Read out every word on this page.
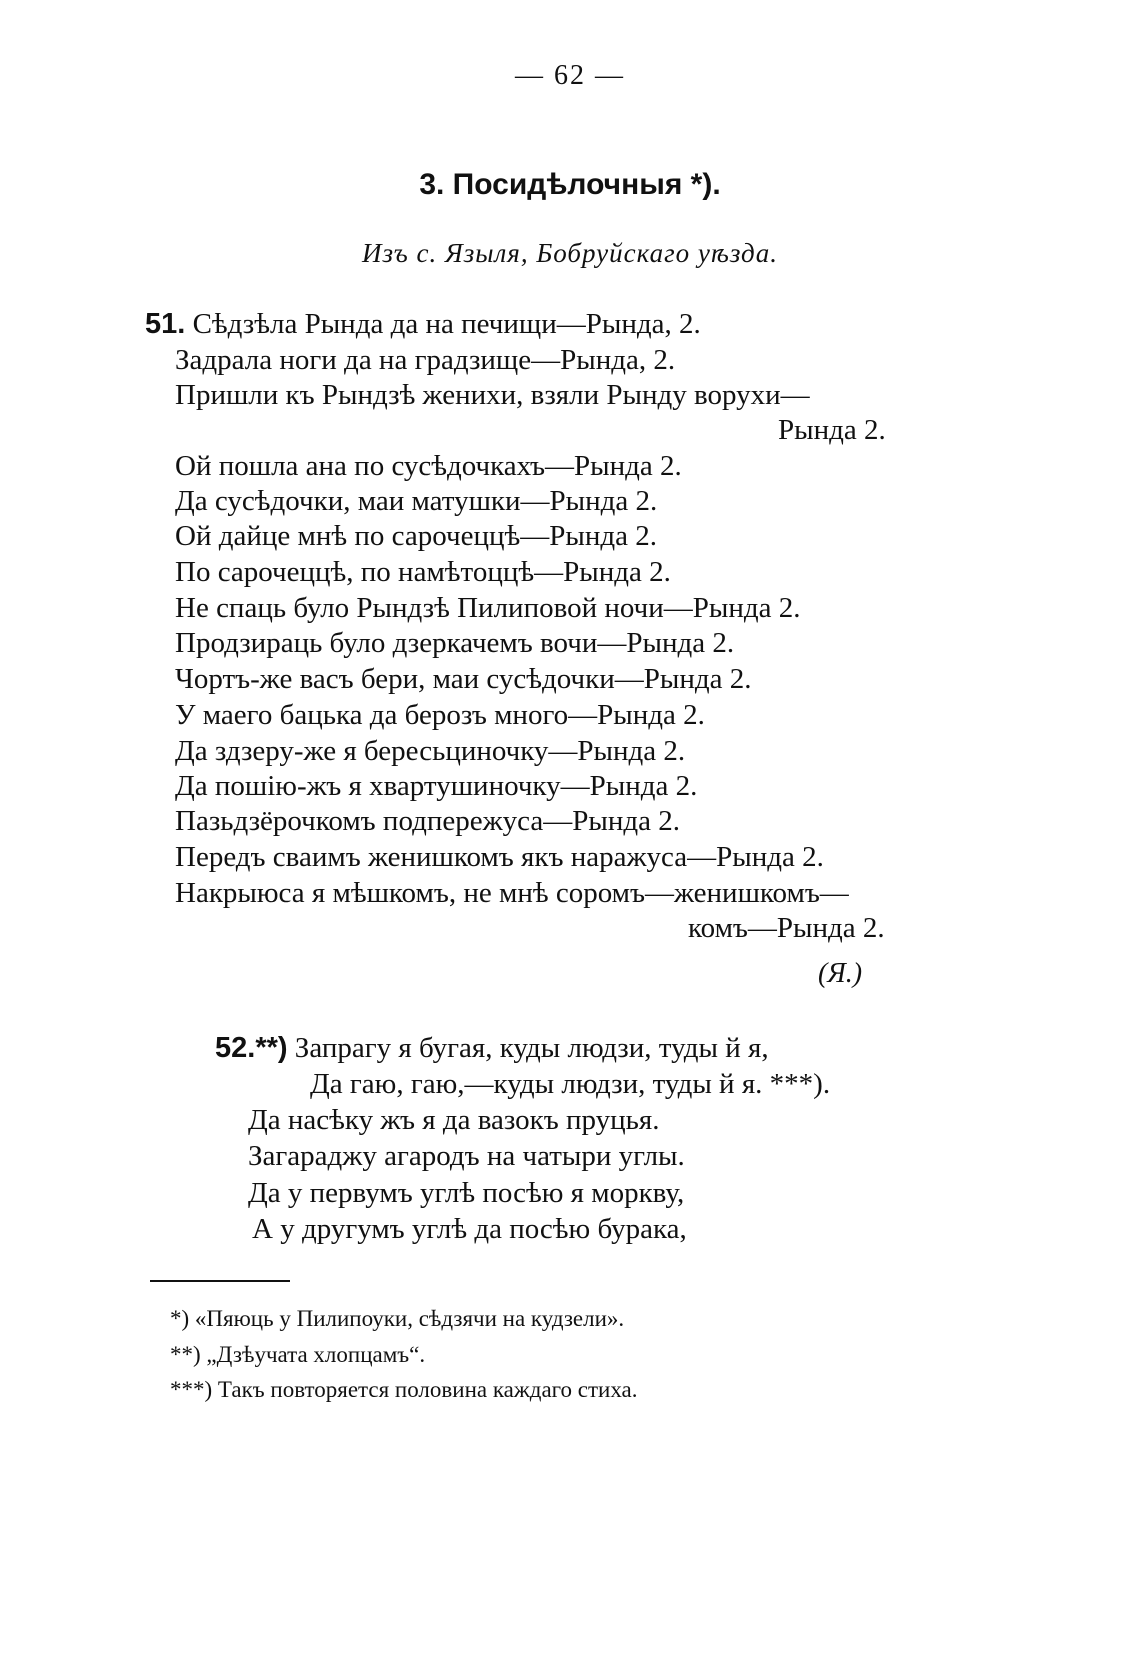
— 62 —
3. Посидѣлочныя *).
Изъ с. Языля, Бобруйскаго уѣзда.
51. Сѣдзѣла Рында да на печищи—Рында, 2.
Задрала ноги да на градзище—Рында, 2.
Пришли къ Рындзѣ женихи, взяли Рынду ворухи—
Рында 2.
Ой пошла ана по сусѣдочкахъ—Рында 2.
Да сусѣдочки, маи матушки—Рында 2.
Ой дайце мнѣ по сарочеццѣ—Рында 2.
По сарочеццѣ, по намѣтоццѣ—Рында 2.
Не спаць було Рындзѣ Пилиповой ночи—Рында 2.
Продзираць було дзеркачемъ вочи—Рында 2.
Чортъ-же васъ бери, маи сусѣдочки—Рында 2.
У маего бацька да берозъ много—Рында 2.
Да здзеру-же я бересьциночку—Рында 2.
Да пошiю-жъ я хвартушиночку—Рында 2.
Пазьдзёрочкомъ подпережуса—Рында 2.
Передъ сваимъ женишкомъ якъ наражуса—Рында 2.
Накрыюса я мѣшкомъ, не мнѣ соромъ—женишкомъ—
комъ—Рында 2.
(Я.)
52.**) Запрагу я бугая, куды людзи, туды й я,
Да гаю, гаю,—куды людзи, туды й я. ***).
Да насѣку жъ я да вазокъ пруцья.
Загараджу агародъ на чатыри углы.
Да у первумъ углѣ посѣю я моркву,
А у другумъ углѣ да посѣю бурака,
*) «Пяюць у Пилипоуки, сѣдзячи на кудзели».
**) „Дзѣучата хлопцамъ“.
***) Такъ повторяется половина каждаго стиха.
